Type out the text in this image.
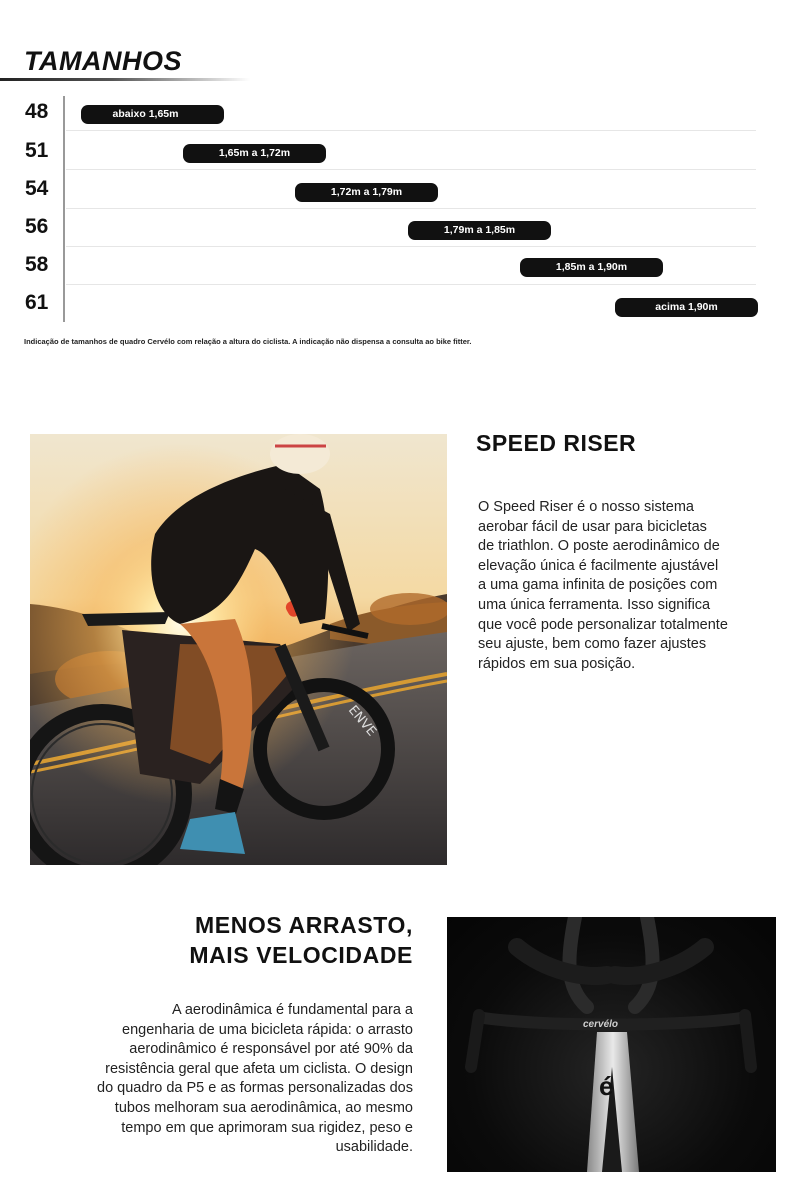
TAMANHOS
48	abaixo 1,65m
51	1,65m a 1,72m
54	1,72m a 1,79m
56	1,79m a 1,85m
58	1,85m a 1,90m
61	acima 1,90m
Indicação de tamanhos de quadro Cervélo com relação a altura do ciclista. A indicação não dispensa a consulta ao bike fitter.
ENVE
SPEED RISER
O Speed Riser é o nosso sistema
aerobar fácil de usar para bicicletas
de triathlon. O poste aerodinâmico de
elevação única é facilmente ajustável
a uma gama infinita de posições com
uma única ferramenta. Isso significa
que você pode personalizar totalmente
seu ajuste, bem como fazer ajustes
rápidos em sua posição.
MENOS ARRASTO,
MAIS VELOCIDADE
A aerodinâmica é fundamental para a
engenharia de uma bicicleta rápida: o arrasto
aerodinâmico é responsável por até 90% da
resistência geral que afeta um ciclista. O design
do quadro da P5 e as formas personalizadas dos
tubos melhoram sua aerodinâmica, ao mesmo
tempo em que aprimoram sua rigidez, peso e
usabilidade.
cervélo
é
